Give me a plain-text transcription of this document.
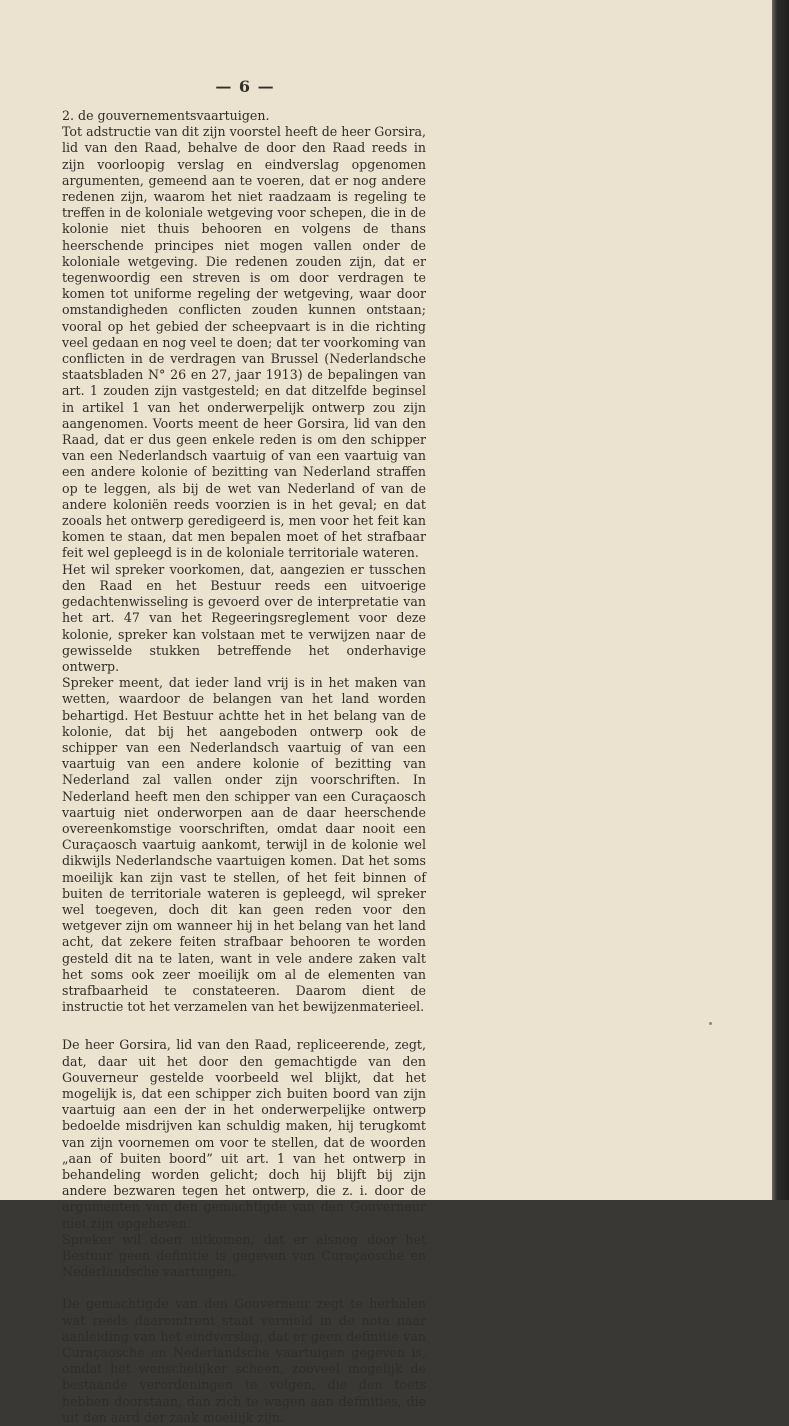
— 6 —

2. de gouvernementsvaartuigen.

Tot adstructie van dit zijn voorstel heeft de heer Gorsira, lid van den Raad, behalve de door den Raad reeds in zijn voorloopig verslag en eindverslag opgenomen argumenten, gemeend aan te voeren, dat er nog andere redenen zijn, waarom het niet raadzaam is regeling te treffen in de koloniale wetgeving voor schepen, die in de kolonie niet thuis behooren en volgens de thans heerschende principes niet mogen vallen onder de koloniale wetgeving. Die redenen zouden zijn, dat er tegenwoordig een streven is om door verdragen te komen tot uniforme regeling der wetgeving, waar door omstandigheden conflicten zouden kunnen ontstaan; vooral op het gebied der scheepvaart is in die richting veel gedaan en nog veel te doen; dat ter voorkoming van conflicten in de verdragen van Brussel (Nederlandsche staatsbladen N° 26 en 27, jaar 1913) de bepalingen van art. 1 zouden zijn vastgesteld; en dat ditzelfde beginsel in artikel 1 van het onderwerpelijk ontwerp zou zijn aangenomen. Voorts meent de heer Gorsira, lid van den Raad, dat er dus geen enkele reden is om den schipper van een Nederlandsch vaartuig of van een vaartuig van een andere kolonie of bezitting van Nederland straffen op te leggen, als bij de wet van Nederland of van de andere koloniën reeds voorzien is in het geval; en dat zooals het ontwerp geredigeerd is, men voor het feit kan komen te staan, dat men bepalen moet of het strafbaar feit wel gepleegd is in de koloniale territoriale wateren.

Het wil spreker voorkomen, dat, aangezien er tusschen den Raad en het Bestuur reeds een uitvoerige gedachtenwisseling is gevoerd over de interpretatie van het art. 47 van het Regeeringsreglement voor deze kolonie, spreker kan volstaan met te verwijzen naar de gewisselde stukken betreffende het onderhavige ontwerp.

Spreker meent, dat ieder land vrij is in het maken van wetten, waardoor de belangen van het land worden behartigd. Het Bestuur achtte het in het belang van de kolonie, dat bij het aangeboden ontwerp ook de schipper van een Nederlandsch vaartuig of van een vaartuig van een andere kolonie of bezitting van Nederland zal vallen onder zijn voorschriften. In Nederland heeft men den schipper van een Curaçaosch vaartuig niet onderworpen aan de daar heerschende overeenkomstige voorschriften, omdat daar nooit een Curaçaosch vaartuig aankomt, terwijl in de kolonie wel dikwijls Nederlandsche vaartuigen komen. Dat het soms moeilijk kan zijn vast te stellen, of het feit binnen of buiten de territoriale wateren is gepleegd, wil spreker wel toegeven, doch dit kan geen reden voor den wetgever zijn om wanneer hij in het belang van het land acht, dat zekere feiten strafbaar behooren te worden gesteld dit na te laten, want in vele andere zaken valt het soms ook zeer moeilijk om al de elementen van strafbaarheid te constateeren. Daarom dient de instructie tot het verzamelen van het bewijzenmaterieel.

De heer Gorsira, lid van den Raad, repliceerende, zegt, dat, daar uit het door den gemachtigde van den Gouverneur gestelde voorbeeld wel blijkt, dat het mogelijk is, dat een schipper zich buiten boord van zijn vaartuig aan een der in het onderwerpelijke ontwerp bedoelde misdrijven kan schuldig maken, hij terugkomt van zijn voornemen om voor te stellen, dat de woorden „aan of buiten boord” uit art. 1 van het ontwerp in behandeling worden gelicht; doch hij blijft bij zijn andere bezwaren tegen het ontwerp, die z. i. door de argumenten van den gemachtigde van den Gouverneur niet zijn opgeheven.

Spreker wil doen uitkomen, dat er alsnog door het Bestuur geen definitie is gegeven van Curaçaosche en Nederlandsche vaartuigen.

De gemachtigde van den Gouverneur zegt te herhalen wat reeds daaromtrent staat vermeld in de nota naar aanleiding van het eindverslag, dat er geen definitie van Curaçaosche en Nederlandsche vaartuigen gegeven is, omdat het wenschelijker scheen, zooveel mogelijk de bestaande verordeningen te volgen, die den toets hebben doorstaan, dan zich te wagen aan definities, die uit den aard der zaak moeilijk zijn.
